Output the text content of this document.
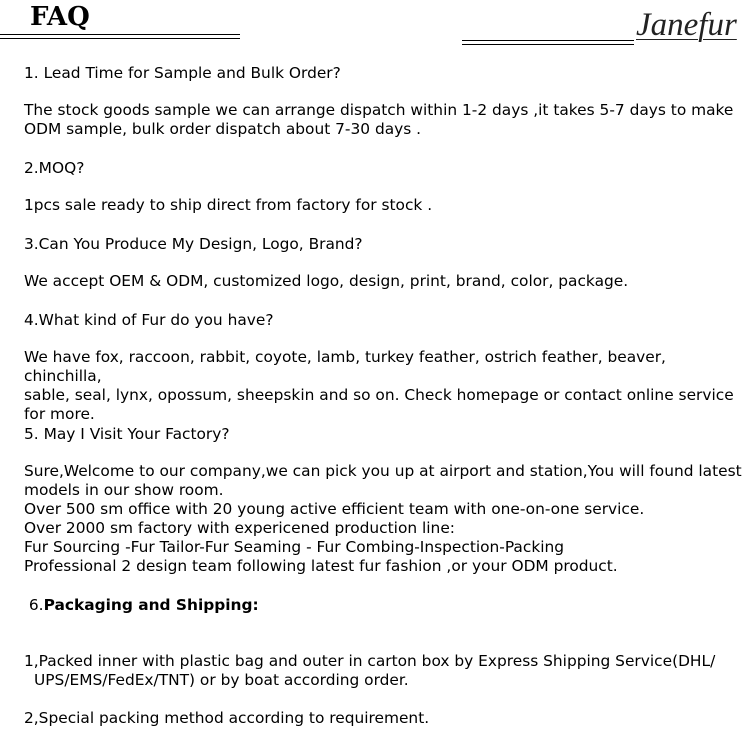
FAQ	Janefur
1. Lead Time for Sample and Bulk Order?
The stock goods sample we can arrange dispatch within 1-2 days ,it takes 5-7 days to make
ODM sample, bulk order dispatch about 7-30 days .
2.MOQ?
1pcs sale ready to ship direct from factory for stock .
3.Can You Produce My Design, Logo, Brand?
We accept OEM & ODM, customized logo, design, print, brand, color, package.
4.What kind of Fur do you have?
We have fox, raccoon, rabbit, coyote, lamb, turkey feather, ostrich feather, beaver, chinchilla,
sable, seal, lynx, opossum, sheepskin and so on. Check homepage or contact online service
for more.
5. May I Visit Your Factory?
Sure,Welcome to our company,we can pick you up at airport and station,You will found latest
models in our show room.
Over 500 sm office with 20 young active efficient team with one-on-one service.
Over 2000 sm factory with expericened production line:
Fur Sourcing -Fur Tailor-Fur Seaming - Fur Combing-Inspection-Packing
Professional 2 design team following latest fur fashion ,or your ODM product.
6.Packaging and Shipping:

1,Packed inner with plastic bag and outer in carton box by Express Shipping Service(DHL/
UPS/EMS/FedEx/TNT) or by boat according order.

2,Special packing method according to requirement.
